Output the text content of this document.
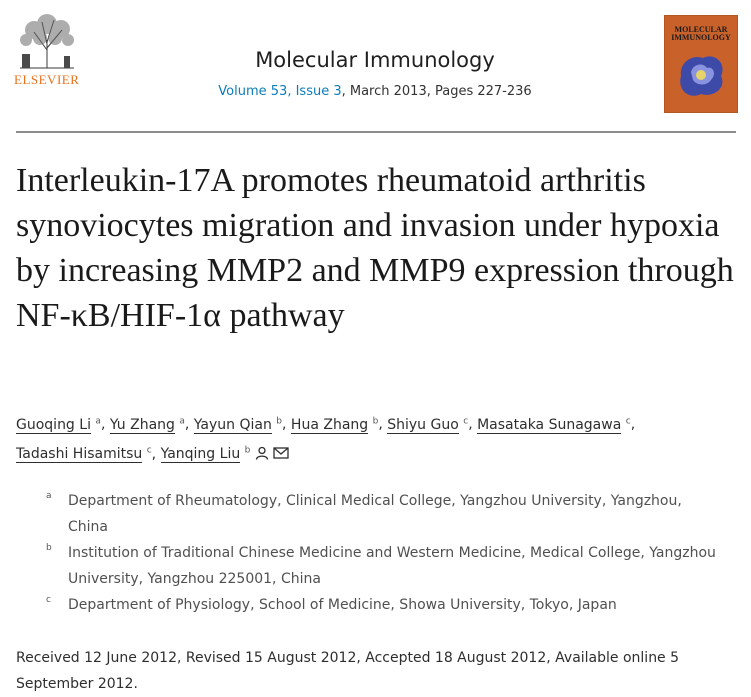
ELSEVIER
Molecular Immunology
Volume 53, Issue 3, March 2013, Pages 227-236
MOLECULAR IMMUNOLOGY
Interleukin-17A promotes rheumatoid arthritis synoviocytes migration and invasion under hypoxia by increasing MMP2 and MMP9 expression through NF-κB/HIF-1α pathway
Guoqing Li $^a$, Yu Zhang $^a$, Yayun Qian $^b$, Hua Zhang $^b$, Shiyu Guo $^c$, Masataka Sunagawa $^c$,
Tadashi Hisamitsu $^c$, Yanqing Liu $^b$
a Department of Rheumatology, Clinical Medical College, Yangzhou University, Yangzhou, China
b Institution of Traditional Chinese Medicine and Western Medicine, Medical College, Yangzhou University, Yangzhou 225001, China
c Department of Physiology, School of Medicine, Showa University, Tokyo, Japan
Received 12 June 2012, Revised 15 August 2012, Accepted 18 August 2012, Available online 5 September 2012.
